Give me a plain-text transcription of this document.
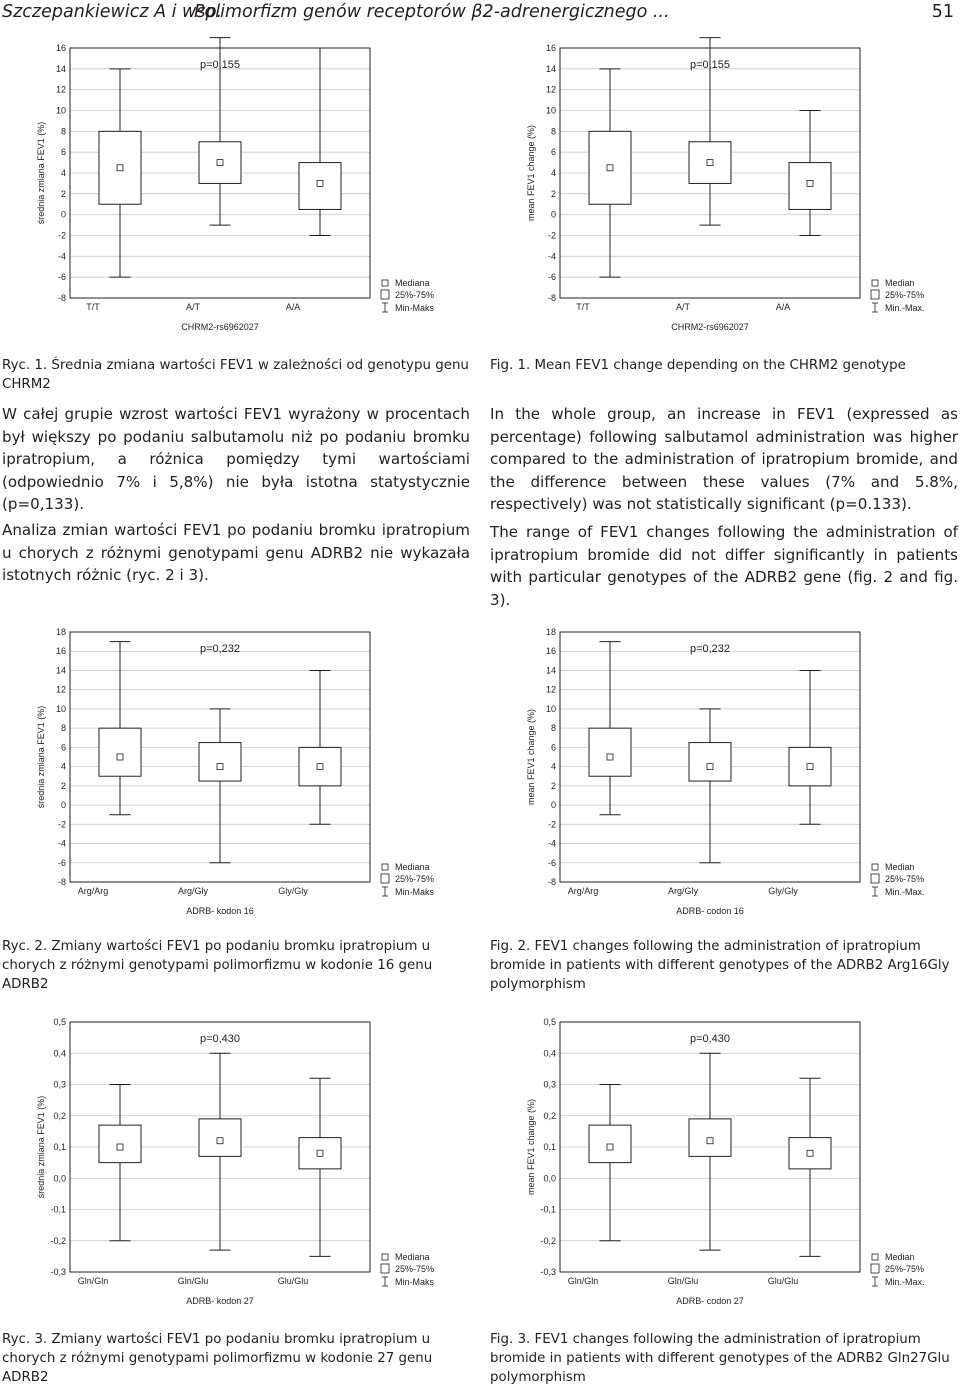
Szczepankiewicz A i wsp.
Polimorfizm genów receptorów β2-adrenergicznego ...	51
średnia zmiana FEV1 (%)
16
14
12
10
8
6
4
2
0
-2
-4
-6
-8
p=0,155
T/T	A/T	A/A
CHRM2-rs6962027
Mediana
25%-75%
Min-Maks
mean FEV1 change (%)
16
14
12
10
8
6
4
2
0
-2
-4
-6
-8
p=0,155
T/T	A/T	A/A
CHRM2-rs6962027
Median
25%-75%
Min.-Max.
Ryc. 1. Średnia zmiana wartości FEV1 w zależności od genotypu genu CHRM2
Fig. 1. Mean FEV1 change depending on the CHRM2 genotype

W całej grupie wzrost wartości FEV1 wyrażony w procentach był większy po podaniu salbutamolu niż po podaniu bromku ipratropium, a różnica pomiędzy tymi wartościami (odpowiednio 7% i 5,8%) nie była istotna statystycznie (p=0,133).

Analiza zmian wartości FEV1 po podaniu bromku ipratropium u chorych z różnymi genotypami genu ADRB2 nie wykazała istotnych różnic (ryc. 2 i 3).

In the whole group, an increase in FEV1 (expressed as percentage) following salbutamol administration was higher compared to the administration of ipratropium bromide, and the difference between these values (7% and 5.8%, respectively) was not statistically significant (p=0.133).

The range of FEV1 changes following the administration of ipratropium bromide did not differ significantly in patients with particular genotypes of the ADRB2 gene (fig. 2 and fig. 3).

średnia zmiana FEV1 (%)
18
16
14
12
10
8
6
4
2
0
-2
-4
-6
-8
p=0,232
Arg/Arg	Arg/Gly	Gly/Gly
ADRB- kodon 16
Mediana
25%-75%
Min-Maks
mean FEV1 change (%)
18
16
14
12
10
8
6
4
2
0
-2
-4
-6
-8
p=0,232
Arg/Arg	Arg/Gly	Gly/Gly
ADRB- codon 16
Median
25%-75%
Min.-Max.
Ryc. 2. Zmiany wartości FEV1 po podaniu bromku ipratropium u chorych z różnymi genotypami polimorfizmu w kodonie 16 genu ADRB2
Fig. 2. FEV1 changes following the administration of ipratropium bromide in patients with different genotypes of the ADRB2 Arg16Gly polymorphism
średnia zmiana FEV1 (%)
0,5
0,4
0,3
0,2
0,1
0,0
-0,1
-0,2
-0,3
p=0,430
Gln/Gln	Gln/Glu	Glu/Glu
ADRB- kodon 27
Mediana
25%-75%
Min-Maks
mean FEV1 change (%)
0,5
0,4
0,3
0,2
0,1
0,0
-0,1
-0,2
-0,3
p=0,430
Gln/Gln	Gln/Glu	Glu/Glu
ADRB- codon 27
Median
25%-75%
Min.-Max.
Ryc. 3. Zmiany wartości FEV1 po podaniu bromku ipratropium u chorych z różnymi genotypami polimorfizmu w kodonie 27 genu ADRB2
Fig. 3. FEV1 changes following the administration of ipratropium bromide in patients with different genotypes of the ADRB2 Gln27Glu polymorphism
